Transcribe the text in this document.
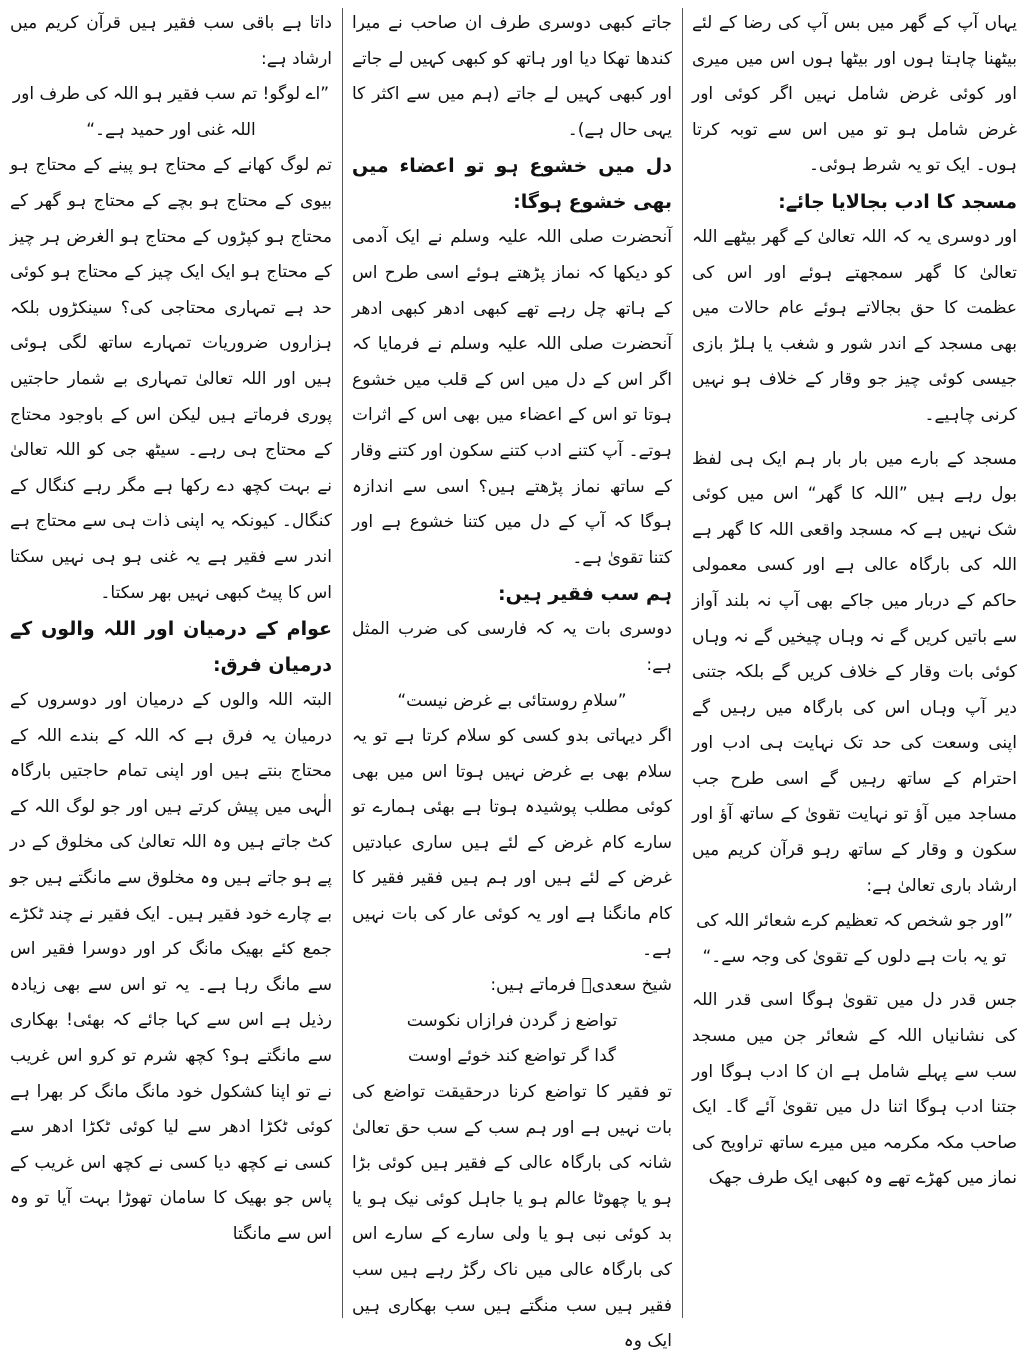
یہاں آپ کے گھر میں بس آپ کی رضا کے لئے بیٹھنا چاہتا ہوں اور بیٹھا ہوں اس میں میری اور کوئی غرض شامل نہیں اگر کوئی اور غرض شامل ہو تو میں اس سے توبہ کرتا ہوں۔ ایک تو یہ شرط ہوئی۔

مسجد کا ادب بجالایا جائے:

اور دوسری یہ کہ اللہ تعالیٰ کے گھر بیٹھے اللہ تعالیٰ کا گھر سمجھتے ہوئے اور اس کی عظمت کا حق بجالاتے ہوئے عام حالات میں بھی مسجد کے اندر شور و شغب یا ہلڑ بازی جیسی کوئی چیز جو وقار کے خلاف ہو نہیں کرنی چاہیے۔

مسجد کے بارے میں بار بار ہم ایک ہی لفظ بول رہے ہیں ”اللہ کا گھر“ اس میں کوئی شک نہیں ہے کہ مسجد واقعی اللہ کا گھر ہے اللہ کی بارگاہ عالی ہے اور کسی معمولی حاکم کے دربار میں جاکے بھی آپ نہ بلند آواز سے باتیں کریں گے نہ وہاں چیخیں گے نہ وہاں کوئی بات وقار کے خلاف کریں گے بلکہ جتنی دیر آپ وہاں اس کی بارگاہ میں رہیں گے اپنی وسعت کی حد تک نہایت ہی ادب اور احترام کے ساتھ رہیں گے اسی طرح جب مساجد میں آؤ تو نہایت تقویٰ کے ساتھ آؤ اور سکون و وقار کے ساتھ رہو قرآن کریم میں ارشاد باری تعالیٰ ہے:

”اور جو شخص کہ تعظیم کرے شعائر اللہ کی تو یہ بات ہے دلوں کے تقویٰ کی وجہ سے۔“

جس قدر دل میں تقویٰ ہوگا اسی قدر اللہ کی نشانیاں اللہ کے شعائر جن میں مسجد سب سے پہلے شامل ہے ان کا ادب ہوگا اور جتنا ادب ہوگا اتنا دل میں تقویٰ آئے گا۔ ایک صاحب مکہ مکرمہ میں میرے ساتھ تراویح کی نماز میں کھڑے تھے وہ کبھی ایک طرف جھک

جاتے کبھی دوسری طرف ان صاحب نے میرا کندھا تھکا دیا اور ہاتھ کو کبھی کہیں لے جاتے اور کبھی کہیں لے جاتے (ہم میں سے اکثر کا یہی حال ہے)۔

دل میں خشوع ہو تو اعضاء میں بھی خشوع ہوگا:

آنحضرت صلی اللہ علیہ وسلم نے ایک آدمی کو دیکھا کہ نماز پڑھتے ہوئے اسی طرح اس کے ہاتھ چل رہے تھے کبھی ادھر کبھی ادھر آنحضرت صلی اللہ علیہ وسلم نے فرمایا کہ اگر اس کے دل میں اس کے قلب میں خشوع ہوتا تو اس کے اعضاء میں بھی اس کے اثرات ہوتے۔ آپ کتنے ادب کتنے سکون اور کتنے وقار کے ساتھ نماز پڑھتے ہیں؟ اسی سے اندازہ ہوگا کہ آپ کے دل میں کتنا خشوع ہے اور کتنا تقویٰ ہے۔

ہم سب فقیر ہیں:

دوسری بات یہ کہ فارسی کی ضرب المثل ہے:

”سلامِ روستائی بے غرض نیست“

اگر دیہاتی بدو کسی کو سلام کرتا ہے تو یہ سلام بھی بے غرض نہیں ہوتا اس میں بھی کوئی مطلب پوشیدہ ہوتا ہے بھئی ہمارے تو سارے کام غرض کے لئے ہیں ساری عبادتیں غرض کے لئے ہیں اور ہم ہیں فقیر فقیر کا کام مانگنا ہے اور یہ کوئی عار کی بات نہیں ہے۔

شیخ سعدیؒ فرماتے ہیں:

تواضع ز گردن فرازاں نکوست

گدا گر تواضع کند خوئے اوست

تو فقیر کا تواضع کرنا درحقیقت تواضع کی بات نہیں ہے اور ہم سب کے سب حق تعالیٰ شانہ کی بارگاہ عالی کے فقیر ہیں کوئی بڑا ہو یا چھوٹا عالم ہو یا جاہل کوئی نیک ہو یا بد کوئی نبی ہو یا ولی سارے کے سارے اس کی بارگاہ عالی میں ناک رگڑ رہے ہیں سب فقیر ہیں سب منگتے ہیں سب بھکاری ہیں ایک وہ

داتا ہے باقی سب فقیر ہیں قرآن کریم میں ارشاد ہے:

”اے لوگو! تم سب فقیر ہو اللہ کی طرف اور اللہ غنی اور حمید ہے۔“

تم لوگ کھانے کے محتاج ہو پینے کے محتاج ہو بیوی کے محتاج ہو بچے کے محتاج ہو گھر کے محتاج ہو کپڑوں کے محتاج ہو الغرض ہر چیز کے محتاج ہو ایک ایک چیز کے محتاج ہو کوئی حد ہے تمہاری محتاجی کی؟ سینکڑوں بلکہ ہزاروں ضروریات تمہارے ساتھ لگی ہوئی ہیں اور اللہ تعالیٰ تمہاری بے شمار حاجتیں پوری فرماتے ہیں لیکن اس کے باوجود محتاج کے محتاج ہی رہے۔ سیٹھ جی کو اللہ تعالیٰ نے بہت کچھ دے رکھا ہے مگر رہے کنگال کے کنگال۔ کیونکہ یہ اپنی ذات ہی سے محتاج ہے اندر سے فقیر ہے یہ غنی ہو ہی نہیں سکتا اس کا پیٹ کبھی نہیں بھر سکتا۔

عوام کے درمیان اور اللہ والوں کے درمیان فرق:

البتہ اللہ والوں کے درمیان اور دوسروں کے درمیان یہ فرق ہے کہ اللہ کے بندے اللہ کے محتاج بنتے ہیں اور اپنی تمام حاجتیں بارگاہ الٰہی میں پیش کرتے ہیں اور جو لوگ اللہ کے کٹ جاتے ہیں وہ اللہ تعالیٰ کی مخلوق کے در پے ہو جاتے ہیں وہ مخلوق سے مانگتے ہیں جو بے چارے خود فقیر ہیں۔ ایک فقیر نے چند ٹکڑے جمع کئے بھیک مانگ کر اور دوسرا فقیر اس سے مانگ رہا ہے۔ یہ تو اس سے بھی زیادہ رذیل ہے اس سے کہا جائے کہ بھئی! بھکاری سے مانگتے ہو؟ کچھ شرم تو کرو اس غریب نے تو اپنا کشکول خود مانگ مانگ کر بھرا ہے کوئی ٹکڑا ادھر سے لیا کوئی ٹکڑا ادھر سے کسی نے کچھ دیا کسی نے کچھ اس غریب کے پاس جو بھیک کا سامان تھوڑا بہت آیا تو وہ اس سے مانگتا
